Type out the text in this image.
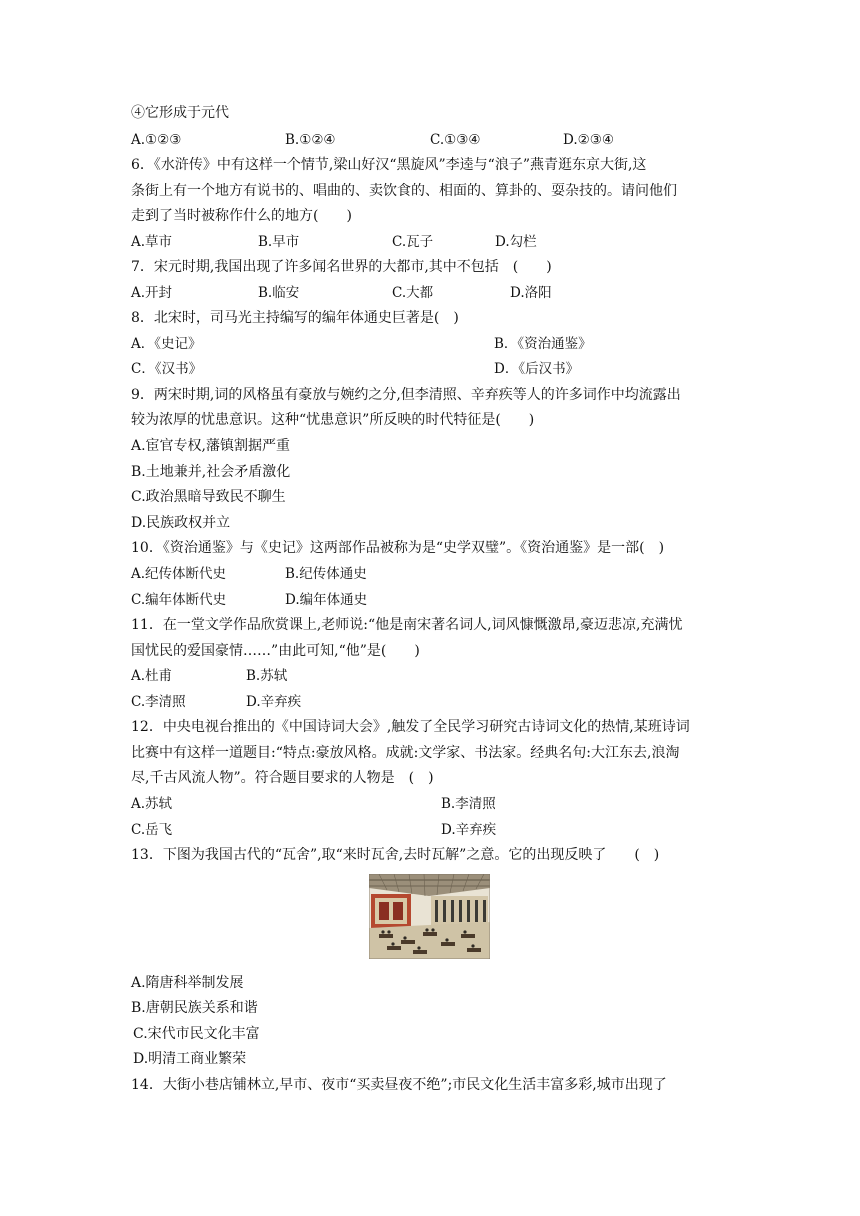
④它形成于元代
A.①②③	B.①②④	C.①③④	D.②③④
6．《水浒传》中有这样一个情节,梁山好汉“黑旋风”李逵与“浪子”燕青逛东京大街,这
条街上有一个地方有说书的、唱曲的、卖饮食的、相面的、算卦的、耍杂技的。请问他们
走到了当时被称作什么的地方(　　)
A.草市	B.早市	C.瓦子	D.勾栏
7．宋元时期,我国出现了许多闻名世界的大都市,其中不包括　(　　)
A.开封	B.临安	C.大都	D.洛阳
8．北宋时，司马光主持编写的编年体通史巨著是(　)
A．《史记》	B．《资治通鉴》
C．《汉书》	D．《后汉书》
9．两宋时期,词的风格虽有豪放与婉约之分,但李清照、辛弃疾等人的许多词作中均流露出
较为浓厚的忧患意识。这种“忧患意识”所反映的时代特征是(　　)
A.宦官专权,藩镇割据严重
B.土地兼并,社会矛盾激化
C.政治黑暗导致民不聊生
D.民族政权并立
10．《资治通鉴》与《史记》这两部作品被称为是“史学双璧”。《资治通鉴》是一部(　)
A.纪传体断代史	B.纪传体通史
C.编年体断代史	D.编年体通史
11．在一堂文学作品欣赏课上,老师说:“他是南宋著名词人,词风慷慨激昂,豪迈悲凉,充满忧
国忧民的爱国豪情……”由此可知,“他”是(　　)
A.杜甫	B.苏轼
C.李清照	D.辛弃疾
12．中央电视台推出的《中国诗词大会》,触发了全民学习研究古诗词文化的热情,某班诗词
比赛中有这样一道题目:“特点:豪放风格。成就:文学家、书法家。经典名句:大江东去,浪淘
尽,千古风流人物”。符合题目要求的人物是　(　)
A.苏轼	B.李清照
C.岳飞	D.辛弃疾
13．下图为我国古代的“瓦舍”,取“来时瓦舍,去时瓦解”之意。它的出现反映了　　(　)
A.隋唐科举制发展
B.唐朝民族关系和谐
C.宋代市民文化丰富
D.明清工商业繁荣
14．大街小巷店铺林立,早市、夜市“买卖昼夜不绝”;市民文化生活丰富多彩,城市出现了
